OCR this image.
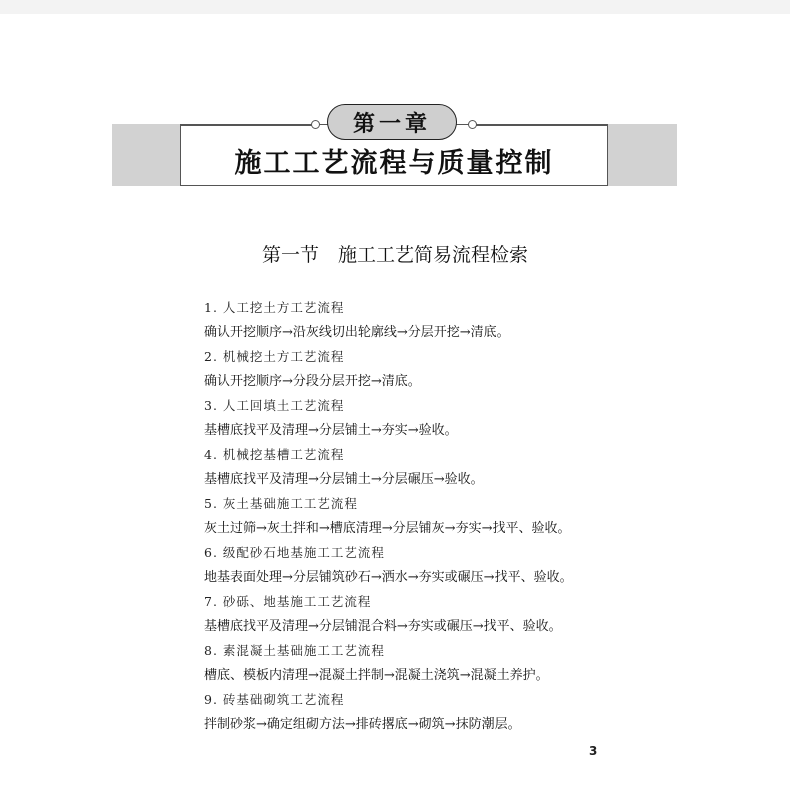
施工工艺流程与质量控制
第一章
第一节　施工工艺简易流程检索
1. 人工挖土方工艺流程
确认开挖顺序→沿灰线切出轮廓线→分层开挖→清底。
2. 机械挖土方工艺流程
确认开挖顺序→分段分层开挖→清底。
3. 人工回填土工艺流程
基槽底找平及清理→分层铺土→夯实→验收。
4. 机械挖基槽工艺流程
基槽底找平及清理→分层铺土→分层碾压→验收。
5. 灰土基础施工工艺流程
灰土过筛→灰土拌和→槽底清理→分层铺灰→夯实→找平、验收。
6. 级配砂石地基施工工艺流程
地基表面处理→分层铺筑砂石→洒水→夯实或碾压→找平、验收。
7. 砂砾、地基施工工艺流程
基槽底找平及清理→分层铺混合料→夯实或碾压→找平、验收。
8. 素混凝土基础施工工艺流程
槽底、模板内清理→混凝土拌制→混凝土浇筑→混凝土养护。
9. 砖基础砌筑工艺流程
拌制砂浆→确定组砌方法→排砖撂底→砌筑→抹防潮层。
3
